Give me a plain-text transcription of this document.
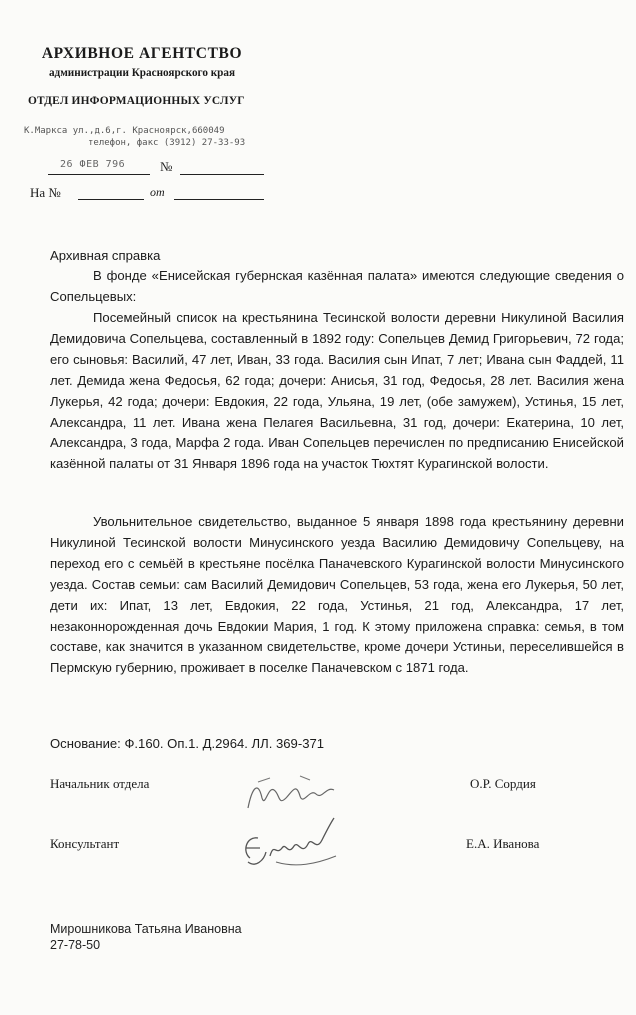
АРХИВНОЕ АГЕНТСТВО
администрации Красноярского края
ОТДЕЛ ИНФОРМАЦИОННЫХ УСЛУГ
К.Маркса ул.,д.6,г. Красноярск,660049
телефон, факс (3912) 27-33-93
26 ФЕВ 796	№
На №	от
Архивная справка
В фонде «Енисейская губернская казённая палата» имеются следующие сведения о Сопельцевых:
Посемейный список на крестьянина Тесинской волости деревни Никулиной Василия Демидовича Сопельцева, составленный в 1892 году: Сопельцев Демид Григорьевич, 72 года; его сыновья: Василий, 47 лет, Иван, 33 года. Василия сын Ипат, 7 лет; Ивана сын Фаддей, 11 лет. Демида жена Федосья, 62 года; дочери: Анисья, 31 год, Федосья, 28 лет. Василия жена Лукерья, 42 года; дочери: Евдокия, 22 года, Ульяна, 19 лет, (обе замужем), Устинья, 15 лет, Александра, 11 лет. Ивана жена Пелагея Васильевна, 31 год, дочери: Екатерина, 10 лет, Александра, 3 года, Марфа 2 года. Иван Сопельцев перечислен по предписанию Енисейской казённой палаты от 31 Января 1896 года на участок Тюхтят Курагинской волости.
Увольнительное свидетельство, выданное 5 января 1898 года крестьянину деревни Никулиной Тесинской волости Минусинского уезда Василию Демидовичу Сопельцеву, на переход его с семьёй в крестьяне посёлка Паначевского Курагинской волости Минусинского уезда. Состав семьи: сам Василий Демидович Сопельцев, 53 года, жена его Лукерья, 50 лет, дети их: Ипат, 13 лет, Евдокия, 22 года, Устинья, 21 год, Александра, 17 лет, незаконнорожденная дочь Евдокии Мария, 1 год. К этому приложена справка: семья, в том составе, как значится в указанном свидетельстве, кроме дочери Устиньи, переселившейся в Пермскую губернию, проживает в поселке Паначевском с 1871 года.
Основание: Ф.160. Оп.1. Д.2964. ЛЛ. 369-371
Начальник отдела	О.Р. Сордия
Консультант	Е.А. Иванова
Мирошникова Татьяна Ивановна
27-78-50
